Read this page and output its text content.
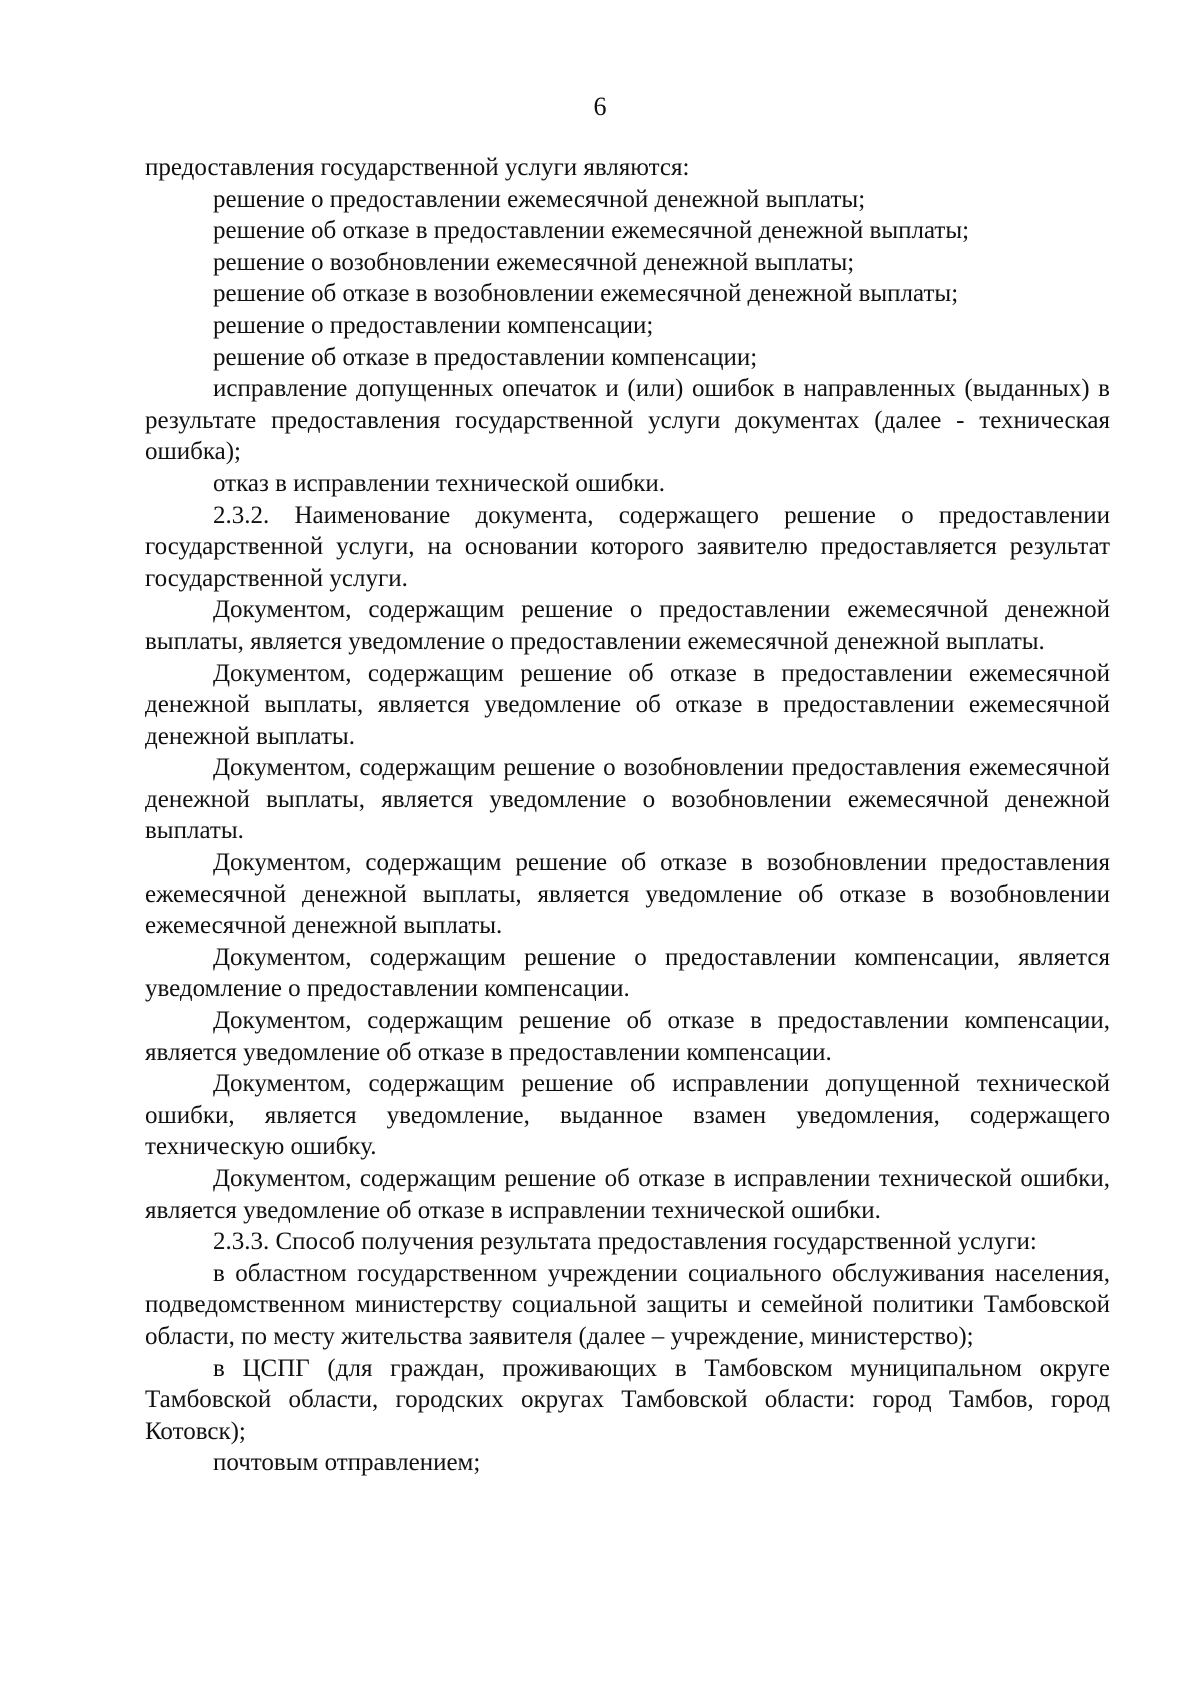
6

предоставления государственной услуги являются:

решение о предоставлении ежемесячной денежной выплаты;

решение об отказе в предоставлении ежемесячной денежной выплаты;

решение о возобновлении ежемесячной денежной выплаты;

решение об отказе в возобновлении ежемесячной денежной выплаты;

решение о предоставлении компенсации;

решение об отказе в предоставлении компенсации;

исправление допущенных опечаток и (или) ошибок в направленных (выданных) в результате предоставления государственной услуги документах (далее - техническая ошибка);

отказ в исправлении технической ошибки.

2.3.2. Наименование документа, содержащего решение о предоставлении государственной услуги, на основании которого заявителю предоставляется результат государственной услуги.

Документом, содержащим решение о предоставлении ежемесячной денежной выплаты, является уведомление о предоставлении ежемесячной денежной выплаты.

Документом, содержащим решение об отказе в предоставлении ежемесячной денежной выплаты, является уведомление об отказе в предоставлении ежемесячной денежной выплаты.

Документом, содержащим решение о возобновлении предоставления ежемесячной денежной выплаты, является уведомление о возобновлении ежемесячной денежной выплаты.

Документом, содержащим решение об отказе в возобновлении предоставления ежемесячной денежной выплаты, является уведомление об отказе в возобновлении ежемесячной денежной выплаты.

Документом, содержащим решение о предоставлении компенсации, является уведомление о предоставлении компенсации.

Документом, содержащим решение об отказе в предоставлении компенсации, является уведомление об отказе в предоставлении компенсации.

Документом, содержащим решение об исправлении допущенной технической ошибки, является уведомление, выданное взамен уведомления, содержащего техническую ошибку.

Документом, содержащим решение об отказе в исправлении технической ошибки, является уведомление об отказе в исправлении технической ошибки.

2.3.3. Способ получения результата предоставления государственной услуги:

в областном государственном учреждении социального обслуживания населения, подведомственном министерству социальной защиты и семейной политики Тамбовской области, по месту жительства заявителя (далее – учреждение, министерство);

в ЦСПГ (для граждан, проживающих в Тамбовском муниципальном округе Тамбовской области, городских округах Тамбовской области: город Тамбов, город Котовск);

почтовым отправлением;
